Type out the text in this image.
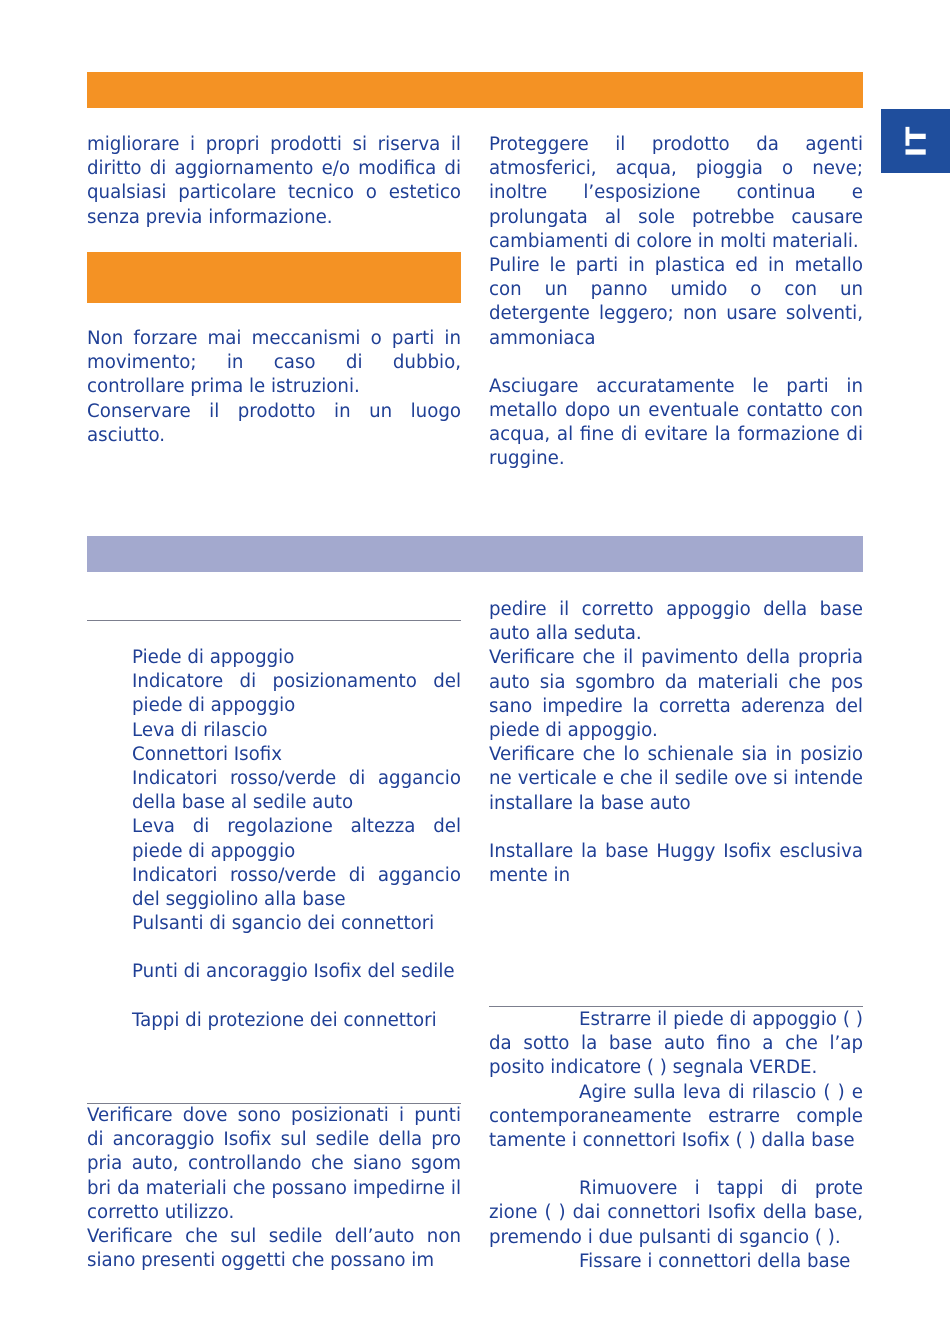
IT

migliorare i propri prodotti si riserva il diritto di aggiornamento e/o modifica di qualsiasi particolare tecnico o estetico senza previa informazione.

Non forzare mai meccanismi o parti in movimento; in caso di dubbio, controllare prima le istruzioni.

Conservare il prodotto in un luogo asciutto.

Proteggere il prodotto da agenti atmosferici, acqua, pioggia o neve; inoltre l’esposizione continua e prolungata al sole potrebbe causare cambiamenti di colore in molti materiali.

Pulire le parti in plastica ed in metallo con un panno umido o con un detergente leggero; non usare solventi, ammoniaca

Asciugare accuratamente le parti in metallo dopo un eventuale contatto con acqua, al fine di evitare la formazione di ruggine.

Piede di appoggio
Indicatore di posizionamento del piede di appoggio
Leva di rilascio
Connettori Isofix
Indicatori rosso/verde di aggancio della base al sedile auto
Leva di regolazione altezza del piede di appoggio
Indicatori rosso/verde di aggancio del seggiolino alla base
Pulsanti di sgancio dei connettori
Punti di ancoraggio Isofix del sedile
Tappi di protezione dei connettori

Verificare dove sono posizionati i punti di ancoraggio Isofix sul sedile della pro pria auto, controllando che siano sgom bri da materiali che possano impedirne il corretto utilizzo.

Verificare che sul sedile dell’auto non siano presenti oggetti che possano im

pedire il corretto appoggio della base auto alla seduta.

Verificare che il pavimento della propria auto sia sgombro da materiali che pos sano impedire la corretta aderenza del piede di appoggio.

Verificare che lo schienale sia in posizio ne verticale e che il sedile ove si intende installare la base auto

Installare la base Huggy Isofix esclusiva mente in

Estrarre il piede di appoggio ( ) da sotto la base auto fino a che l’ap posito indicatore ( ) segnala VERDE.

Agire sulla leva di rilascio ( ) e contemporaneamente estrarre comple tamente i connettori Isofix ( ) dalla base

Rimuovere i tappi di prote zione ( ) dai connettori Isofix della base, premendo i due pulsanti di sgancio ( ).

Fissare i connettori della base
